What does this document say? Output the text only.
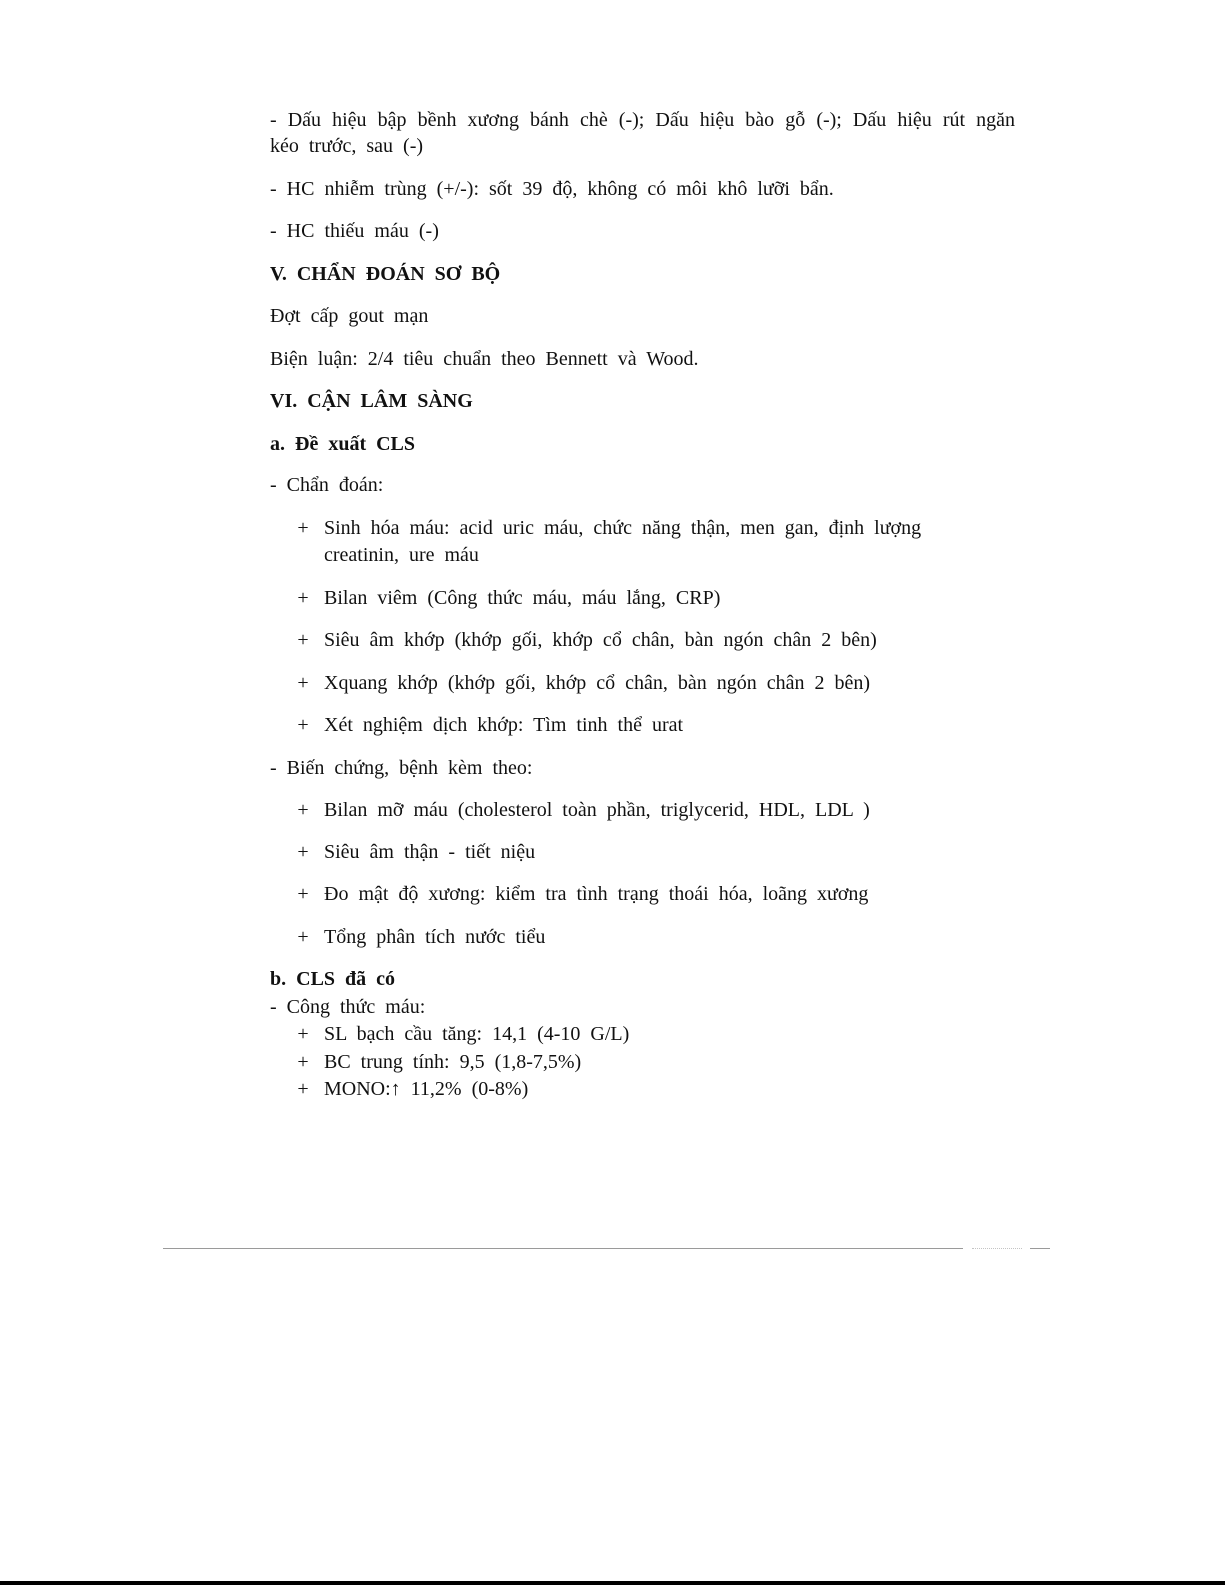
- Dấu hiệu bập bềnh xương bánh chè (-); Dấu hiệu bào gỗ (-); Dấu hiệu rút ngăn
kéo trước, sau (-)
- HC nhiễm trùng (+/-): sốt 39 độ, không có môi khô lưỡi bẩn.
- HC thiếu máu (-)
V. CHẨN ĐOÁN SƠ BỘ
Đợt cấp gout mạn
Biện luận: 2/4 tiêu chuẩn theo Bennett và Wood.
VI. CẬN LÂM SÀNG
a. Đề xuất CLS
- Chẩn đoán:
+ Sinh hóa máu: acid uric máu, chức năng thận, men gan, định lượng
creatinin, ure máu
+ Bilan viêm (Công thức máu, máu lắng, CRP)
+ Siêu âm khớp (khớp gối, khớp cổ chân, bàn ngón chân 2 bên)
+ Xquang khớp (khớp gối, khớp cổ chân, bàn ngón chân 2 bên)
+ Xét nghiệm dịch khớp: Tìm tinh thể urat
- Biến chứng, bệnh kèm theo:
+ Bilan mỡ máu (cholesterol toàn phần, triglycerid, HDL, LDL )
+ Siêu âm thận - tiết niệu
+ Đo mật độ xương: kiểm tra tình trạng thoái hóa, loãng xương
+ Tổng phân tích nước tiểu
b. CLS đã có
- Công thức máu:
+ SL bạch cầu tăng: 14,1 (4-10 G/L)
+ BC trung tính: 9,5 (1,8-7,5%)
+ MONO:↑ 11,2% (0-8%)
